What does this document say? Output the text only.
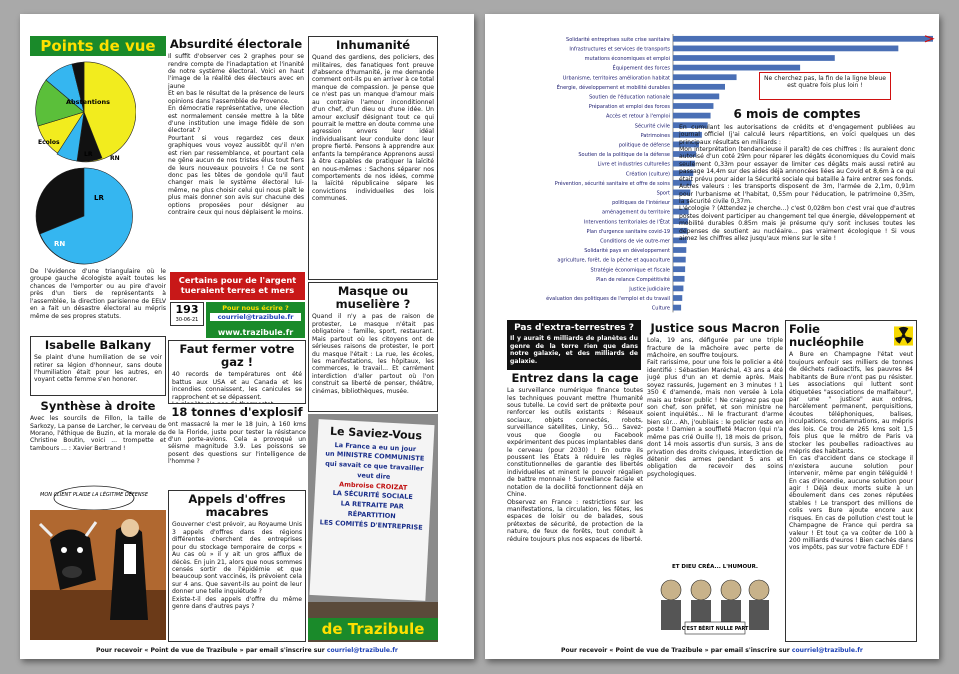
Points de vue
Abstentions
Ecolos
LR
RN
LR
RN
Absurdité électorale
Il suffit d'observer ces 2 graphes pour se rendre compte de l'inadaptation et l'inanité de notre système électoral. Voici en haut l'image de la réalité des électeurs avec en jaune
Et en bas le résultat de la présence de leurs opinions dans l'assemblée de Provence.
En démocratie représentative, une élection est normalement censée mettre à la tête d'une institution une image fidèle de son électorat ?
Pourtant si vous regardez ces deux graphiques vous voyez aussitôt qu'il n'en est rien par ressemblance, et pourtant cela ne gêne aucun de nos tristes élus tout fiers de leurs nouveaux pouvoirs ! Ce ne sont donc pas les têtes de gondole qu'il faut changer mais le système électoral lui-même, ne plus choisir celui qui nous plaît le plus mais donner son avis sur chacune des options proposées pour désigner au contraire ceux qui nous déplaisent le moins.
De l'évidence d'une triangulaire où le groupe gauche écologiste avait toutes les chances de l'emporter ou au pire d'avoir près d'un tiers de représentants à l'assemblée, la direction parisienne de EELV en a fait un désastre électoral au mépris même de ses propres statuts.
Inhumanité
Quand des gardiens, des policiers, des militaires, des fanatiques font preuve d'absence d'humanité, je me demande comment ont-ils pu en arriver à ce total manque de compassion. Je pense que ce n'est pas un manque d'amour mais au contraire l'amour inconditionnel d'un chef, d'un dieu ou d'une idée. Un amour exclusif désignant tout ce qui pourrait le mettre en doute comme une agression envers leur idéal individualisant leur conduite donc leur propre fierté. Pensons à apprendre aux enfants la tempérance Apprenons aussi à être capables de pratiquer la laïcité en nous-mêmes : Sachons séparer nos comportements de nos idées, comme la laïcité républicaine sépare les convictions individuelles des lois communes.
Certains pour de l'argent tueraient terres et mers
193
30-06-21
Pour nous écrire ?
courriel@trazibule.fr
www.trazibule.fr
Masque ou muselière ?
Quand il n'y a pas de raison de protester, Le masque n'était pas obligatoire : famille, sport, restaurant. Mais partout où les citoyens ont de sérieuses raisons de protester, le port du masque l'était : La rue, les écoles, les manifestations, les hôpitaux, les commerces, le travail... Et carrément interdiction d'aller partout où l'on construit sa liberté de penser, théâtre, cinémas, bibliothèques, musée.
Isabelle Balkany
Se plaint d'une humiliation de se voir retirer sa légion d'honneur, sans doute l'humiliation était pour les autres, en voyant cette femme s'en honorer.
Faut fermer votre gaz !
40 records de températures ont été battus aux USA et au Canada et les incendies connaissent, les canicules se rapprochent et se dépassent.

Synthèse à droite
Avec les sourcils de Fillon, la taille de Sarkozy, La panse de Larcher, le cerveau de Morano, l'éthique de Buzin, et la morale de Christine Boutin, voici ... trompette et tambours ... : Xavier Bertrand !
18 tonnes d'explosif
ont massacré la mer le 18 Juin, à 160 kms de la Floride, juste pour tester la résistance d'un porte-avions. Cela a provoqué un séisme magnitude 3.9. Les poissons se posent des questions sur l'intelligence de l'homme ?
Appels d'offres macabres
Gouverner c'est prévoir, au Royaume Unis 3 appels d'offres dans des régions différentes cherchent des entreprises pour du stockage temporaire de corps « Au cas où » il y ait un gros afflux de décès. En juin 21, alors que nous sommes censés sortir de l'épidémie et que beaucoup sont vaccinés, ils prévoient cela sur 4 ans. Que savent-ils au point de leur donner une telle inquiétude ?
Existe-t-il des appels d'offre du même genre dans d'autres pays ?
MON CLIENT PLAIDE LA LÉGITIME DÉFENSE
Le Saviez-Vous
La France a eu un jour
un MINISTRE COMMUNISTE
qui savait ce que travailler
veut dire
Ambroise CROIZAT
LA SÉCURITÉ SOCIALE
LA RETRAITE PAR RÉPARTITION
LES COMITÉS D'ENTREPRISE
de Trazibule
Pour recevoir « Point de vue de Trazibule » par email s'inscrire sur courriel@trazibule.fr
Solidarité entreprises suite crise sanitaire
Infrastructures et services de transports
mutations économiques et emploi
Équipement des forces
Urbanisme, territoires amélioration habitat
Énergie, développement et mobilité durables
Soutien de l'éducation nationale
Préparation et emploi des forces
Accès et retour à l'emploi
Sécurité civile
Patrimoines
politique de défense
Soutien de la politique de la défense
Livre et industries culturelles
Création (culture)
Prévention, sécurité sanitaire et offre de soins
Sport
politiques de l'intérieur
aménagement du territoire
Interventions territoriales de l'État
Plan d'urgence sanitaire covid-19
Conditions de vie outre-mer
Solidarité pays en développement
agriculture, forêt, de la pêche et aquaculture
Stratégie économique et fiscale
Plan de relance Compétitivité
Justice judiciaire
évaluation des politiques de l'emploi et du travail
Culture
Ne cherchez pas, la fin de la ligne bleue est quatre fois plus loin !
6 mois de comptes
En cumulant les autorisations de crédits et d'engagement publiées au journal officiel (j'ai calculé leurs répartitions, en voici quelques un des principaux résultats en milliards :
Mon interprétation (tendancieuse il paraît) de ces chiffres : Ils auraient donc autorisé d'un coté 29m pour réparer les dégâts économiques du Covid mais seulement 0,33m pour essayer de limiter ces dégâts mais aussi retiré au passage 14,4m sur des aides déjà annoncées liées au Covid et 8,6m à ce qui était prévu pour aider la Sécurité sociale qui bataille à faire entrer ses fonds.
Autres valeurs : les transports disposent de 3m, l'armée de 2,1m, 0,91m pour l'urbanisme et l'habitat, 0,55m pour l'éducation, le patrimoine 0,35m, la sécurité civile 0,37m.
L'écologie ? (Attendez je cherche...) c'est 0,028m bon c'est vrai que d'autres postes doivent participer au changement tel que énergie, développement et mobilité durables 0.85m mais je présume qu'y sont incluses toutes les dépenses de soutient au nucléaire... pas vraiment écologique ! Si vous aimez les chiffres allez jusqu'aux miens sur le site !
Pas d'extra-terrestres ?
Il y aurait 6 milliards de planètes du genre de la terre rien que dans notre galaxie, et des milliards de galaxie.
Entrez dans la cage
La surveillance numérique finance toutes les techniques pouvant mettre l'humanité sous tutelle. Le covid sert de prétexte pour renforcer les outils existants : Réseaux sociaux, objets connectés, robots, surveillance satellites, Linky, 5G... Savez-vous que Google ou Facebook expérimentent des puces implantables dans le cerveau (pour 2030) ! En outre ils poussent les États à réduire les règles constitutionnelles de garantie des libertés individuelles et minent le pouvoir régalien de battre monnaie ! Surveillance faciale et notation de la docilité fonctionnent déjà en Chine.
Observez en France : restrictions sur les manifestations, la circulation, les fêtes, les espaces de loisir ou de balades, sous prétextes de sécurité, de protection de la nature, de feux de forêts, tout conduit à réduire toujours plus nos espaces de liberté.
Justice sous Macron
Lola, 19 ans, défigurée par une triple fracture de la mâchoire avec perte de mâchoire, en souffre toujours.
Fait rarissime, pour une fois le policier a été identifié : Sébastien Maréchal, 43 ans a été jugé plus d'un an et demie après. Mais soyez rassurés, Jugement en 3 minutes ! 1 350 € d'amende, mais non versée à Lola mais au trésor public ! Ne craignez pas que son chef, son préfet, et son ministre ne soient inquiétés... Ni le fracturant d'arme bien sûr... Ah, j'oubliais : le policier reste en poste ! Damien a souffleté Macron (qui n'a même pas crié Ouille !), 18 mois de prison, dont 14 mois assortis d'un sursis, 3 ans de privation des droits civiques, interdiction de détenir des armes pendant 5 ans et obligation de recevoir des soins psychologiques.
ET DIEU CRÉA... L'HUMOUR.
C'EST BÉRIT NULLE PART
Folie nucléophile
A Bure en Champagne l'état veut toujours enfouir ses milliers de tonnes de déchets radioactifs, les pauvres 84 habitants de Bure n'ont pas pu résister. Les associations qui luttent sont étiquetées "associations de malfaiteur", par une " justice" aux ordres, harcèlement permanent, perquisitions, écoutes téléphoniques, balises, inculpations, condamnations, au mépris des lois. Ce trou de 265 kms soit 1,5 fois plus que le métro de Paris va stocker les poubelles radioactives au mépris des habitants.
En cas d'accident dans ce stockage il n'existera aucune solution pour intervenir, même par engin téléguidé ! En cas d'incendie, aucune solution pour agir ! Déjà deux morts suite à un éboulement dans ces zones réputées stables ! Le transport des millions de colis vers Bure ajoute encore aux risques. En cas de pollution c'est tout le Champagne de France qui perdra sa valeur ! Et tout ça va coûter de 100 à 200 milliards d'euros ! Bien cachés dans vos impôts, pas sur votre facture EDF !
Pour recevoir « Point de vue de Trazibule » par email s'inscrire sur courriel@trazibule.fr
